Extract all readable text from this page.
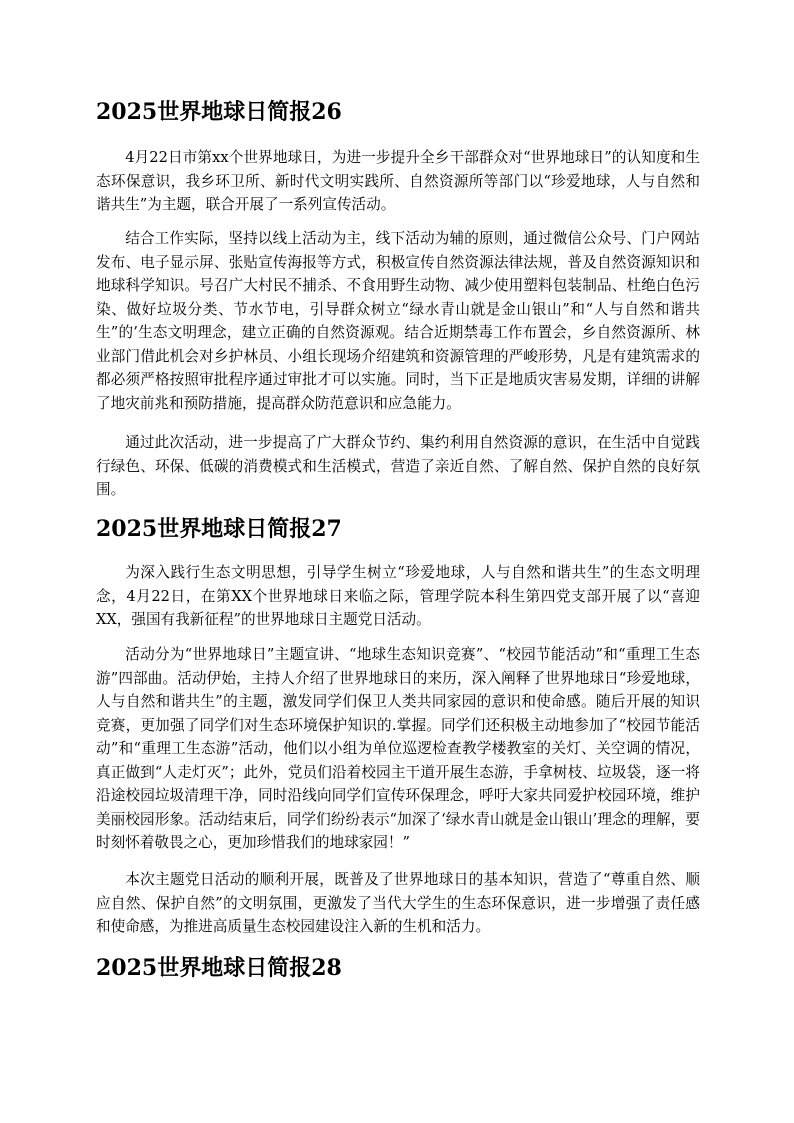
2025世界地球日简报26

4月22日市第xx个世界地球日，为进一步提升全乡干部群众对“世界地球日”的认知度和生态环保意识，我乡环卫所、新时代文明实践所、自然资源所等部门以“珍爱地球，人与自然和谐共生”为主题，联合开展了一系列宣传活动。

结合工作实际，坚持以线上活动为主，线下活动为辅的原则，通过微信公众号、门户网站发布、电子显示屏、张贴宣传海报等方式，积极宣传自然资源法律法规，普及自然资源知识和地球科学知识。号召广大村民不捕杀、不食用野生动物、减少使用塑料包装制品、杜绝白色污染、做好垃圾分类、节水节电，引导群众树立“绿水青山就是金山银山”和“人与自然和谐共生”的’生态文明理念，建立正确的自然资源观。结合近期禁毒工作布置会，乡自然资源所、林业部门借此机会对乡护林员、小组长现场介绍建筑和资源管理的严峻形势，凡是有建筑需求的都必须严格按照审批程序通过审批才可以实施。同时，当下正是地质灾害易发期，详细的讲解了地灾前兆和预防措施，提高群众防范意识和应急能力。

通过此次活动，进一步提高了广大群众节约、集约利用自然资源的意识，在生活中自觉践行绿色、环保、低碳的消费模式和生活模式，营造了亲近自然、了解自然、保护自然的良好氛围。

2025世界地球日简报27

为深入践行生态文明思想，引导学生树立“珍爱地球，人与自然和谐共生”的生态文明理念，4月22日，在第XX个世界地球日来临之际，管理学院本科生第四党支部开展了以“喜迎XX，强国有我新征程”的世界地球日主题党日活动。

活动分为“世界地球日”主题宣讲、“地球生态知识竞赛”、“校园节能活动”和“重理工生态游”四部曲。活动伊始，主持人介绍了世界地球日的来历，深入阐释了世界地球日“珍爱地球，人与自然和谐共生”的主题，激发同学们保卫人类共同家园的意识和使命感。随后开展的知识竞赛，更加强了同学们对生态环境保护知识的.掌握。同学们还积极主动地参加了“校园节能活动”和“重理工生态游”活动，他们以小组为单位巡逻检查教学楼教室的关灯、关空调的情况，真正做到“人走灯灭”；此外，党员们沿着校园主干道开展生态游，手拿树枝、垃圾袋，逐一将沿途校园垃圾清理干净，同时沿线向同学们宣传环保理念，呼吁大家共同爱护校园环境，维护美丽校园形象。活动结束后，同学们纷纷表示“加深了‘绿水青山就是金山银山’理念的理解，要时刻怀着敬畏之心，更加珍惜我们的地球家园！”

本次主题党日活动的顺利开展，既普及了世界地球日的基本知识，营造了“尊重自然、顺应自然、保护自然”的文明氛围，更激发了当代大学生的生态环保意识，进一步增强了责任感和使命感，为推进高质量生态校园建设注入新的生机和活力。

2025世界地球日简报28
